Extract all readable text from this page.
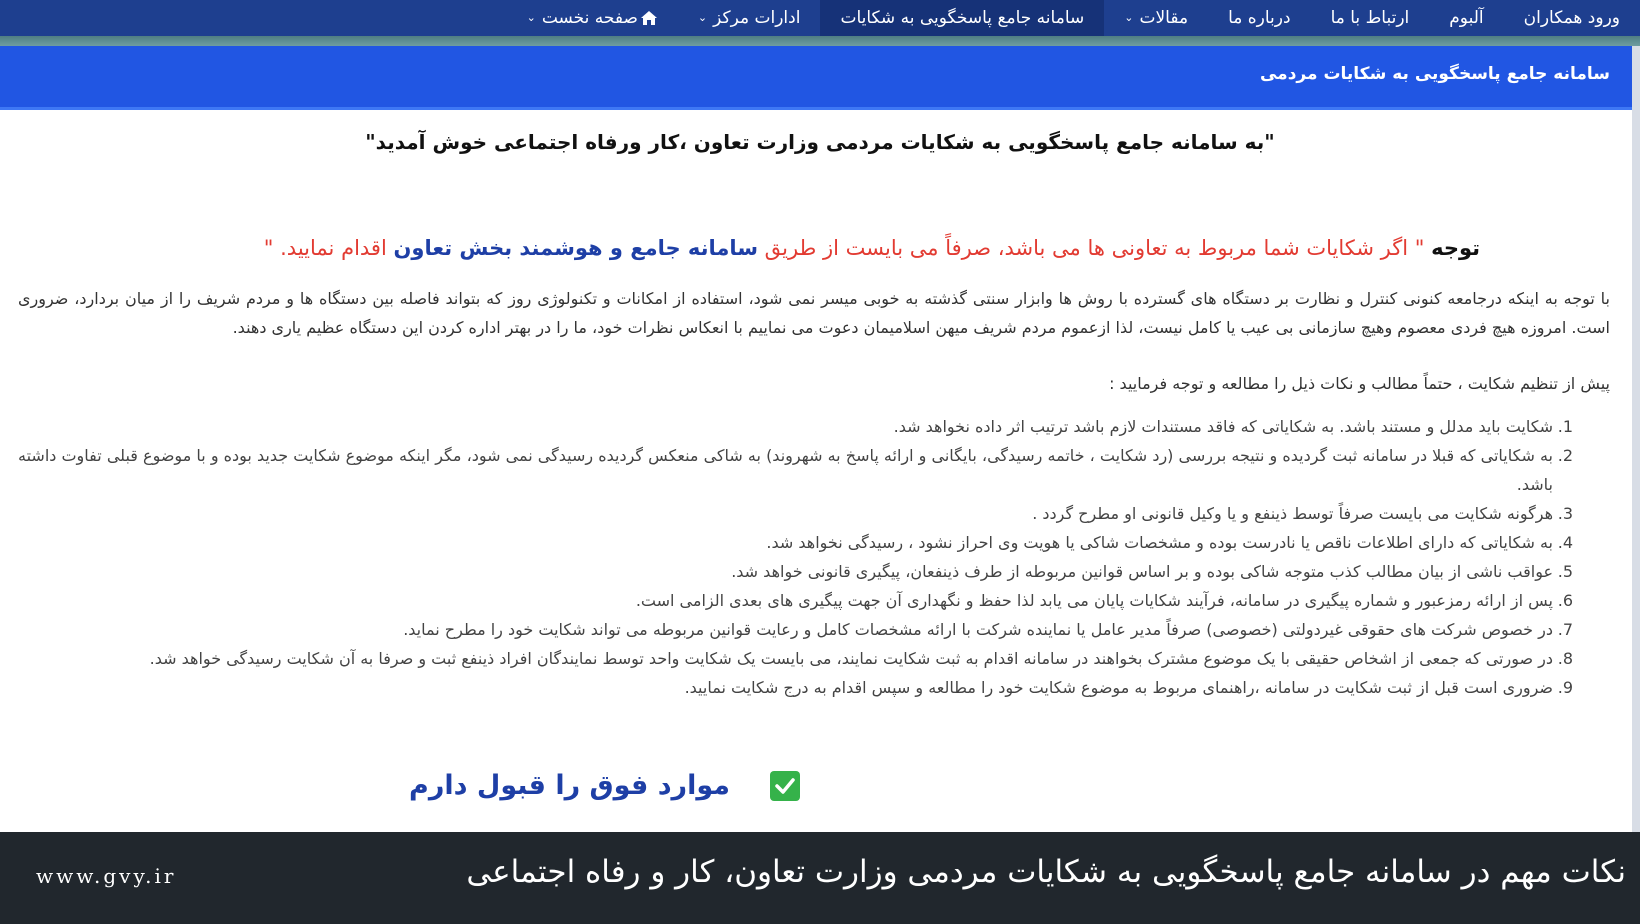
صفحه نخست
⌄	ادارات مرکز
⌄	سامانه جامع پاسخگویی به شکایات	مقالات
⌄	درباره ما ارتباط با ما آلبوم ورود همکاران
سامانه جامع پاسخگویی به شکایات مردمی
"به سامانه جامع پاسخگویی به شکایات مردمی وزارت تعاون ،کار ورفاه اجتماعی خوش آمدید"
توجه " اگر شکایات شما مربوط به تعاونی ها می باشد، صرفاً می بایست از طریق سامانه جامع و هوشمند بخش تعاون اقدام نمایید. "
با توجه به اینکه درجامعه کنونی کنترل و نظارت بر دستگاه های گسترده با روش ها وابزار سنتی گذشته به خوبی میسر نمی شود، استفاده از امکانات و تکنولوژی روز که بتواند فاصله بین دستگاه ها و مردم شریف را از میان بردارد، ضروری است. امروزه هیچ فردی معصوم وهیچ سازمانی بی عیب یا کامل نیست، لذا ازعموم مردم شریف میهن اسلامیمان دعوت می نماییم با انعکاس نظرات خود، ما را در بهتر اداره کردن این دستگاه عظیم یاری دهند.
پیش از تنظیم شکایت ، حتماً مطالب و نکات ذیل را مطالعه و توجه فرمایید :
1.
شکایت باید مدلل و مستند باشد. به شکایاتی که فاقد مستندات لازم باشد ترتیب اثر داده نخواهد شد.
2.
به شکایاتی که قبلا در سامانه ثبت گردیده و نتیجه بررسی (رد شکایت ، خاتمه رسیدگی، بایگانی و ارائه پاسخ به شهروند) به شاکی منعکس گردیده رسیدگی نمی شود، مگر اینکه موضوع شکایت جدید بوده و با موضوع قبلی تفاوت داشته باشد.
3.
هرگونه شکایت می بایست صرفاً توسط ذینفع و یا وکیل قانونی او مطرح گردد .
4.
به شکایاتی که دارای اطلاعات ناقص یا نادرست بوده و مشخصات شاکی یا هویت وی احراز نشود ، رسیدگی نخواهد شد.
5.
عواقب ناشی از بیان مطالب کذب متوجه شاکی بوده و بر اساس قوانین مربوطه از طرف ذینفعان، پیگیری قانونی خواهد شد.
6.
پس از ارائه رمزعبور و شماره پیگیری در سامانه، فرآیند شکایات پایان می یابد لذا حفظ و نگهداری آن جهت پیگیری های بعدی الزامی است.
7.
در خصوص شرکت های حقوقی غیردولتی (خصوصی) صرفاً مدیر عامل یا نماینده شرکت با ارائه مشخصات کامل و رعایت قوانین مربوطه می تواند شکایت خود را مطرح نماید.
8.
در صورتی که جمعی از اشخاص حقیقی با یک موضوع مشترک بخواهند در سامانه اقدام به ثبت شکایت نمایند، می بایست یک شکایت واحد توسط نمایندگان افراد ذینفع ثبت و صرفا به آن شکایت رسیدگی خواهد شد.
9.
ضروری است قبل از ثبت شکایت در سامانه ،راهنمای مربوط به موضوع شکایت خود را مطالعه و سپس اقدام به درج شکایت نمایید.
موارد فوق را قبول دارم
نکات مهم در سامانه جامع پاسخگویی به شکایات مردمی وزارت تعاون، کار و رفاه اجتماعی
www.gvy.ir
